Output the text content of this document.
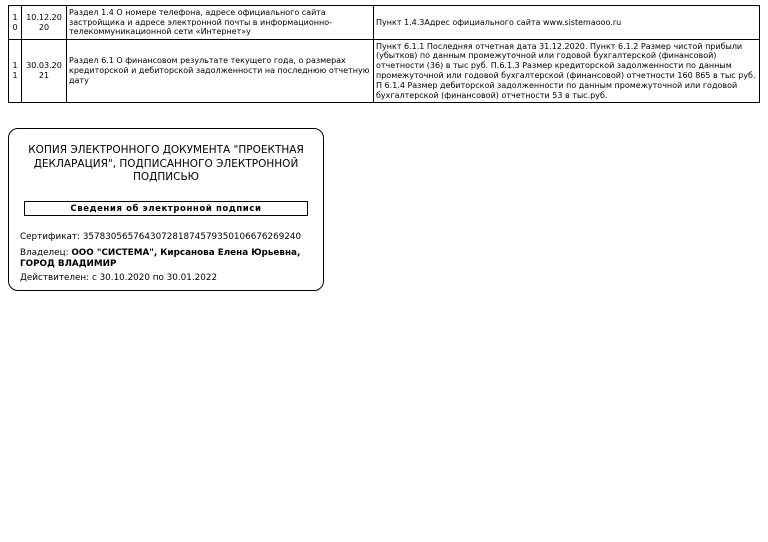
10	10.12.2020	Раздел 1.4 О номере телефона, адресе официального сайта застройщика и адресе электронной почты в информационно-телекоммуникационной сети «Интернет»у	Пункт 1.4.3Адрес официального сайта www.sistemaooo.ru
11	30.03.2021	Раздел 6.1 О финансовом результате текущего года, о размерах кредиторской и дебиторской задолженности на последнюю отчетную дату	Пункт 6.1.1 Последняя отчетная дата 31.12.2020. Пункт 6.1.2 Размер чистой прибыли (убытков) по данным промежуточной или годовой бухгалтерской (финансовой) отчетности (36) в тыс руб. П.6.1.3 Размер кредиторской задолженности по данным промежуточной или годовой бухгалтерской (финансовой) отчетности 160 865 в тыс руб. П 6.1.4 Размер дебиторской задолженности по данным промежуточной или годовой бухгалтерской (финансовой) отчетности 53 в тыс.руб.
КОПИЯ ЭЛЕКТРОННОГО ДОКУМЕНТА "ПРОЕКТНАЯ ДЕКЛАРАЦИЯ", ПОДПИСАННОГО ЭЛЕКТРОННОЙ ПОДПИСЬЮ
Сведения об электронной подписи
Сертификат: 357830565764307281874579350106676269240
Владелец: ООО "СИСТЕМА", Кирсанова Елена Юрьевна, ГОРОД ВЛАДИМИР
Действителен: с 30.10.2020 по 30.01.2022
